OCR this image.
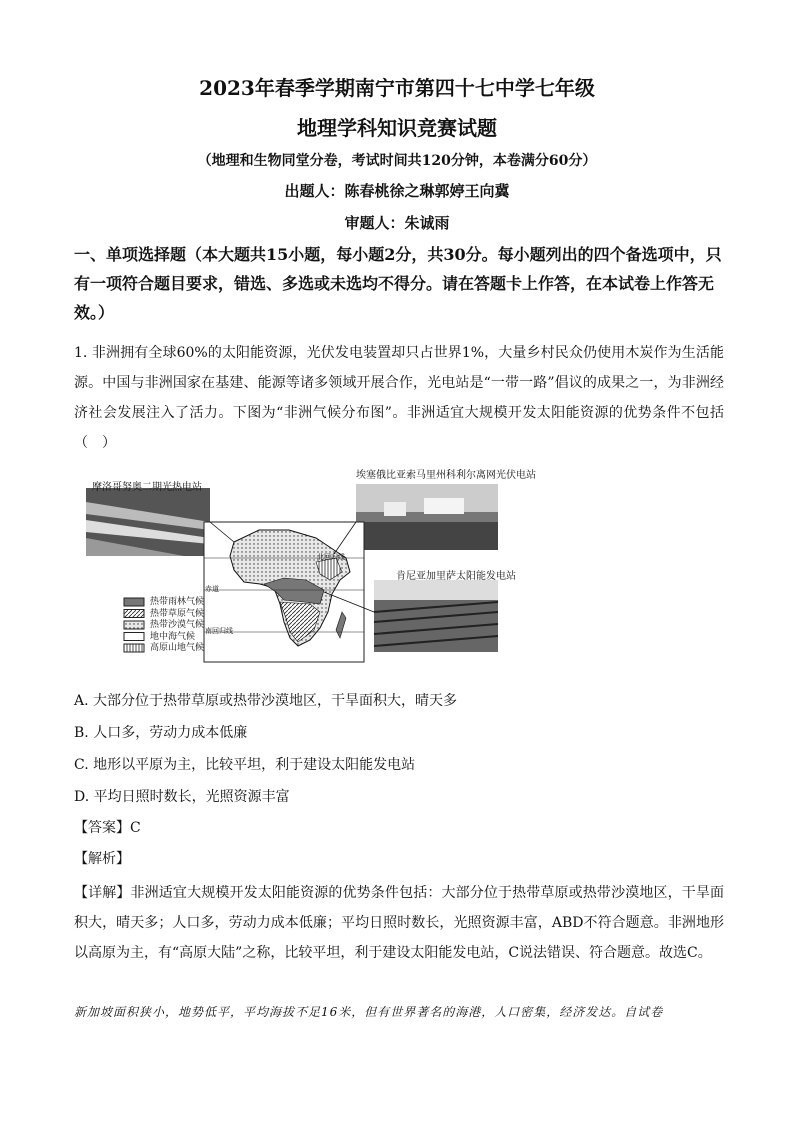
2023年春季学期南宁市第四十七中学七年级
地理学科知识竞赛试题
（地理和生物同堂分卷，考试时间共120分钟，本卷满分60分）
出题人：陈春桃徐之琳郭婷王向冀
审题人：朱诚雨
一、单项选择题（本大题共15小题，每小题2分，共30分。每小题列出的四个备选项中，只有一项符合题目要求，错选、多选或未选均不得分。请在答题卡上作答，在本试卷上作答无效。）
1. 非洲拥有全球60%的太阳能资源，光伏发电装置却只占世界1%，大量乡村民众仍使用木炭作为生活能源。中国与非洲国家在基建、能源等诸多领域开展合作，光电站是“一带一路”倡议的成果之一，为非洲经济社会发展注入了活力。下图为“非洲气候分布图”。非洲适宜大规模开发太阳能资源的优势条件不包括（　）
摩洛哥努奥二期光热电站
埃塞俄比亚索马里州科利尔离网光伏电站
肯尼亚加里萨太阳能发电站
北回归线
赤道
南回归线
热带雨林气候
热带草原气候
热带沙漠气候
地中海气候
高原山地气候
A. 大部分位于热带草原或热带沙漠地区，干旱面积大，晴天多
B. 人口多，劳动力成本低廉
C. 地形以平原为主，比较平坦，利于建设太阳能发电站
D. 平均日照时数长，光照资源丰富
【答案】C
【解析】
【详解】非洲适宜大规模开发太阳能资源的优势条件包括：大部分位于热带草原或热带沙漠地区，干旱面积大，晴天多；人口多，劳动力成本低廉；平均日照时数长，光照资源丰富，ABD不符合题意。非洲地形以高原为主，有“高原大陆”之称，比较平坦，利于建设太阳能发电站，C说法错误、符合题意。故选C。
新加坡面积狭小，地势低平，平均海拔不足16米，但有世界著名的海港，人口密集，经济发达。自试卷
